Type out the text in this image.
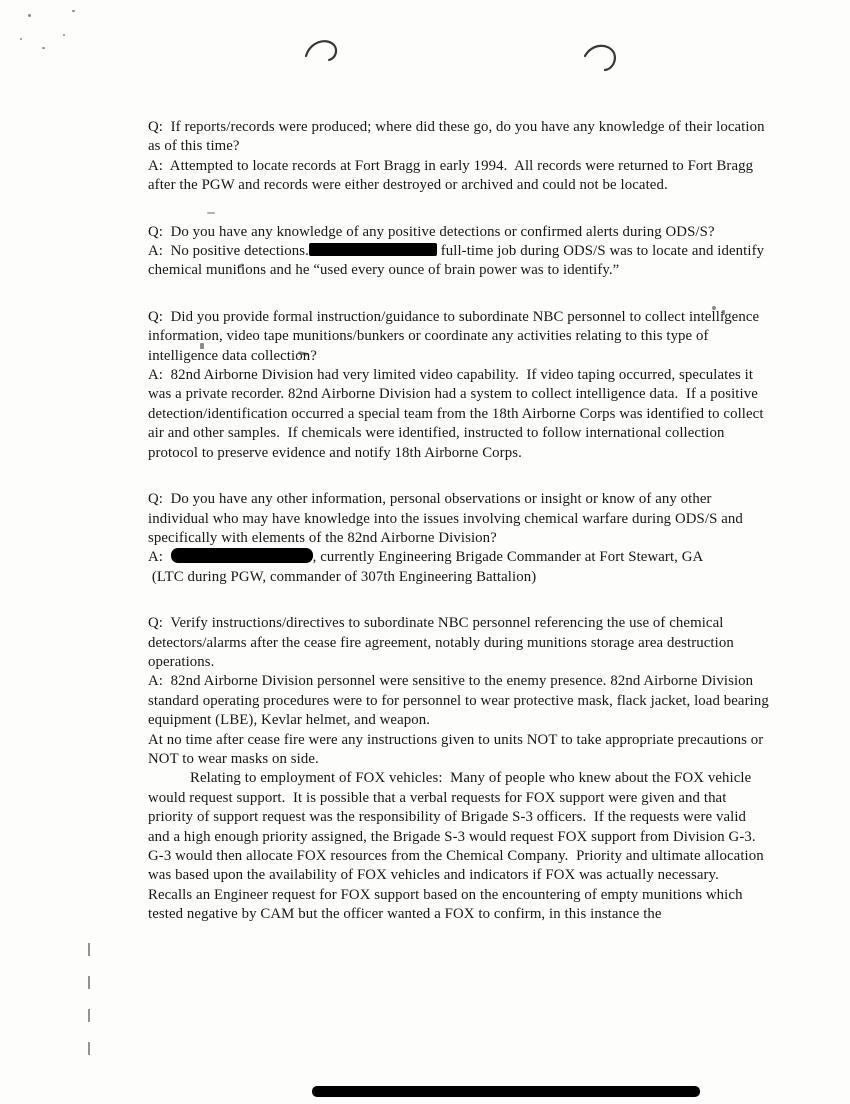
Q:  If reports/records were produced; where did these go, do you have any knowledge of their location as of this time?

A:  Attempted to locate records at Fort Bragg in early 1994.  All records were returned to Fort Bragg after the PGW and records were either destroyed or archived and could not be located.

Q:  Do you have any knowledge of any positive detections or confirmed alerts during ODS/S?

A:  No positive detections.	full-time job during ODS/S was to locate and identify chemical munitions and he “used every ounce of brain power was to identify.”

Q:  Did you provide formal instruction/guidance to subordinate NBC personnel to collect intelligence information, video tape munitions/bunkers or coordinate any activities relating to this type of intelligence data collection?

A:  82nd Airborne Division had very limited video capability.  If video taping occurred, speculates it was a private recorder. 82nd Airborne Division had a system to collect intelligence data.  If a positive detection/identification occurred a special team from the 18th Airborne Corps was identified to collect air and other samples.  If chemicals were identified, instructed to follow international collection protocol to preserve evidence and notify 18th Airborne Corps.

Q:  Do you have any other information, personal observations or insight or know of any other individual who may have knowledge into the issues involving chemical warfare during ODS/S and specifically with elements of the 82nd Airborne Division?

A:	, currently Engineering Brigade Commander at Fort Stewart, GA

(LTC during PGW, commander of 307th Engineering Battalion)

Q:  Verify instructions/directives to subordinate NBC personnel referencing the use of chemical detectors/alarms after the cease fire agreement, notably during munitions storage area destruction operations.

A:  82nd Airborne Division personnel were sensitive to the enemy presence. 82nd Airborne Division standard operating procedures were to for personnel to wear protective mask, flack jacket, load bearing equipment (LBE), Kevlar helmet, and weapon.

At no time after cease fire were any instructions given to units NOT to take appropriate precautions or NOT to wear masks on side.

Relating to employment of FOX vehicles:  Many of people who knew about the FOX vehicle would request support.  It is possible that a verbal requests for FOX support were given and that priority of support request was the responsibility of Brigade S-3 officers.  If the requests were valid and a high enough priority assigned, the Brigade S-3 would request FOX support from Division G-3.  G-3 would then allocate FOX resources from the Chemical Company.  Priority and ultimate allocation was based upon the availability of FOX vehicles and indicators if FOX was actually necessary.  Recalls an Engineer request for FOX support based on the encountering of empty munitions which tested negative by CAM but the officer wanted a FOX to confirm, in this instance the
